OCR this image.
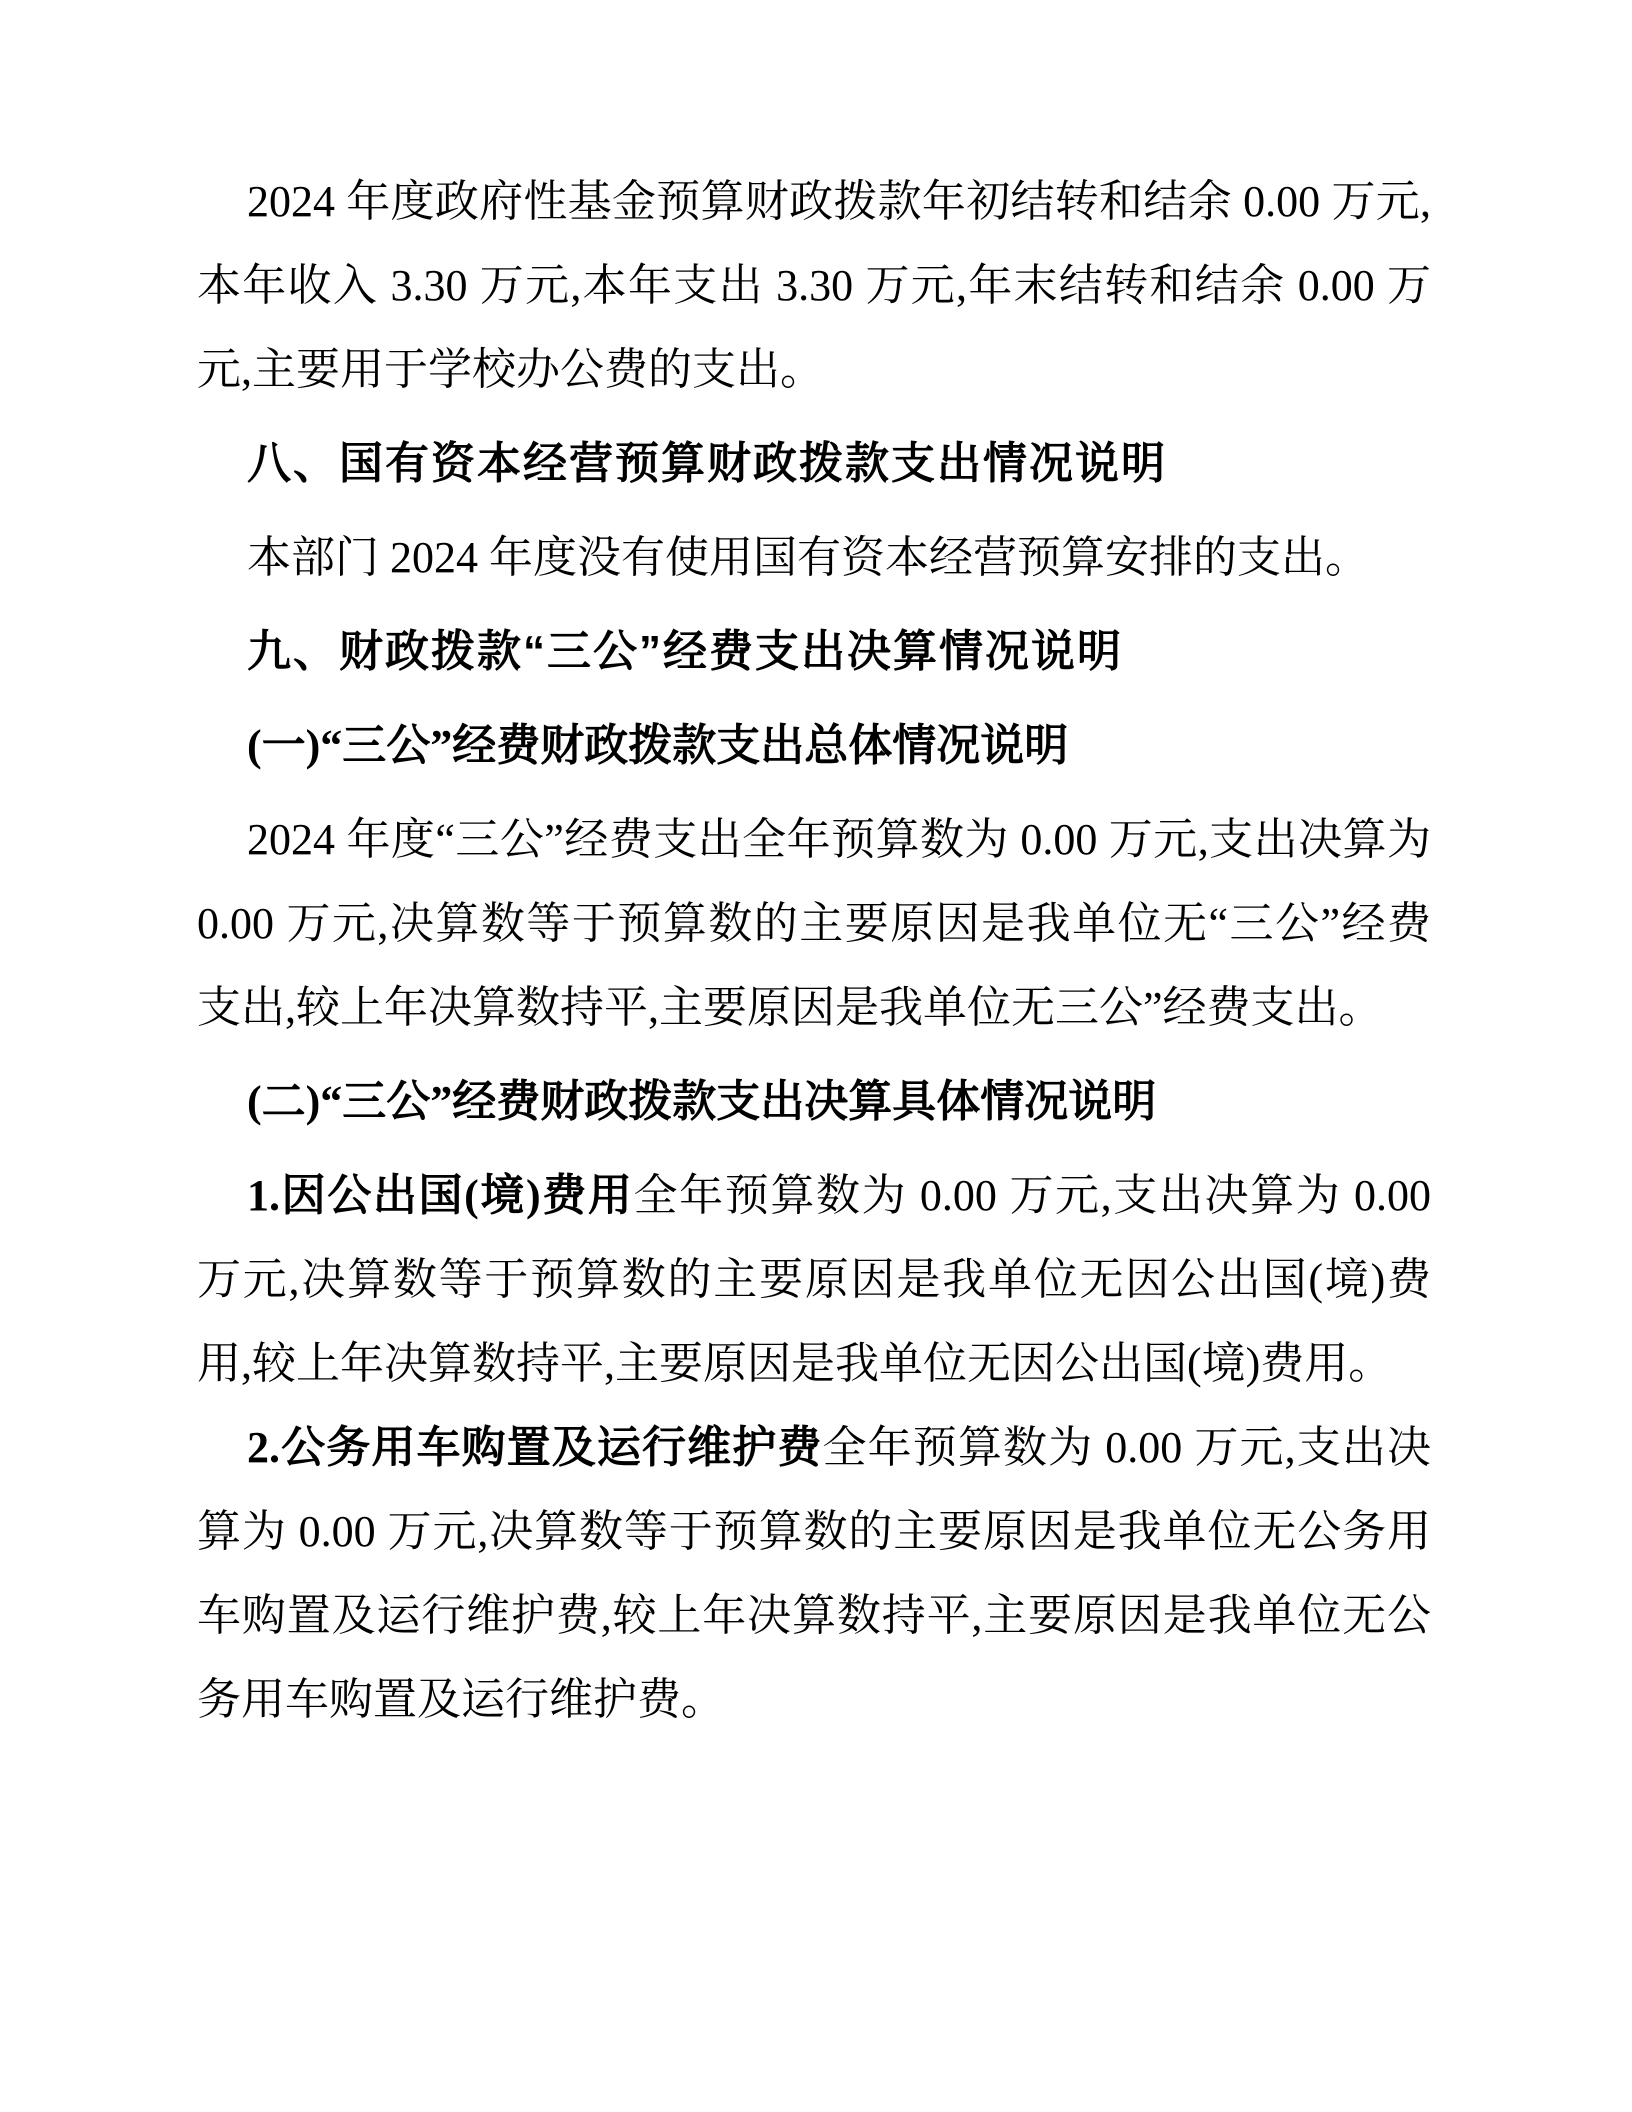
2024 年度政府性基金预算财政拨款年初结转和结余 0.00 万元,本年收入 3.30 万元,本年支出 3.30 万元,年末结转和结余 0.00 万元,主要用于学校办公费的支出。

八、国有资本经营预算财政拨款支出情况说明

本部门 2024 年度没有使用国有资本经营预算安排的支出。

九、财政拨款“三公”经费支出决算情况说明

(一)“三公”经费财政拨款支出总体情况说明

2024 年度“三公”经费支出全年预算数为 0.00 万元,支出决算为 0.00 万元,决算数等于预算数的主要原因是我单位无“三公”经费支出,较上年决算数持平,主要原因是我单位无三公”经费支出。

(二)“三公”经费财政拨款支出决算具体情况说明

1.因公出国(境)费用全年预算数为 0.00 万元,支出决算为 0.00 万元,决算数等于预算数的主要原因是我单位无因公出国(境)费用,较上年决算数持平,主要原因是我单位无因公出国(境)费用。

2.公务用车购置及运行维护费全年预算数为 0.00 万元,支出决算为 0.00 万元,决算数等于预算数的主要原因是我单位无公务用车购置及运行维护费,较上年决算数持平,主要原因是我单位无公务用车购置及运行维护费。
